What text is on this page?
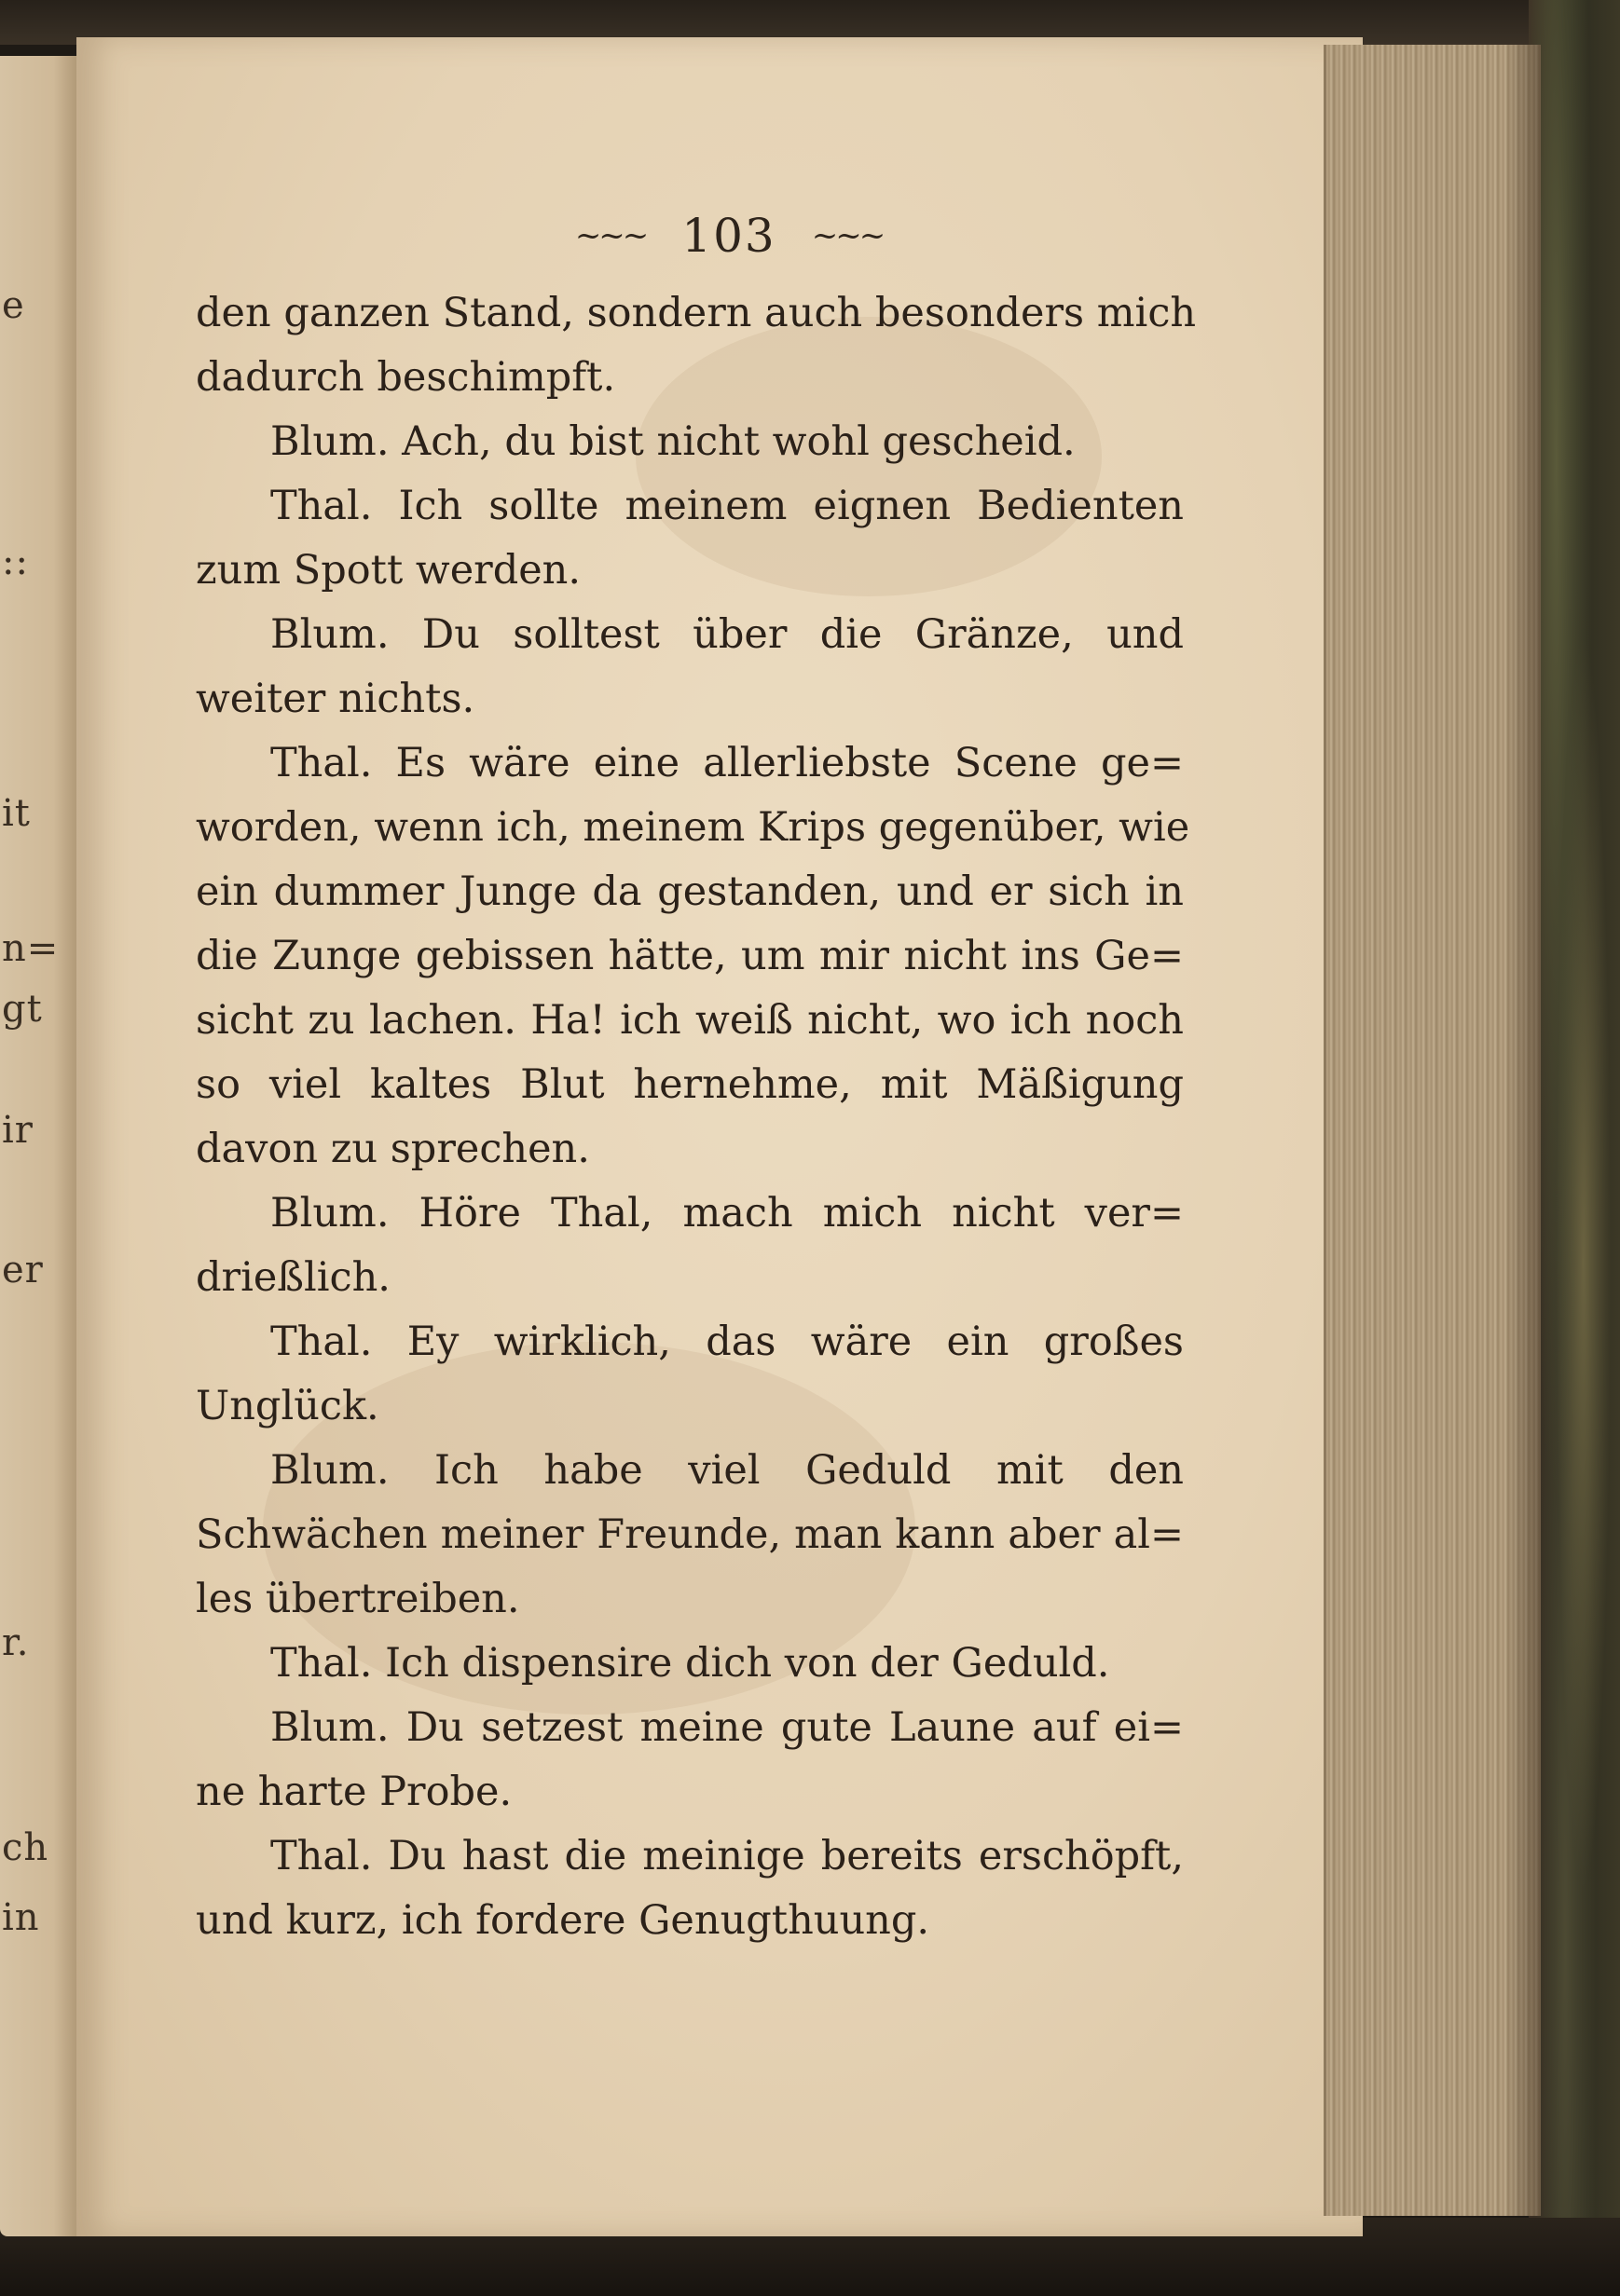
e
::
it
n=
gt
ir
er
r.
ch
in
~~~ 103 ~~~
den ganzen Stand, sondern auch besonders mich
dadurch beschimpft.
Blum. Ach, du bist nicht wohl gescheid.
Thal. Ich sollte meinem eignen Bedienten
zum Spott werden.
Blum. Du solltest über die Gränze, und
weiter nichts.
Thal. Es wäre eine allerliebste Scene ge=
worden, wenn ich, meinem Krips gegenüber, wie
ein dummer Junge da gestanden, und er sich in
die Zunge gebissen hätte, um mir nicht ins Ge=
sicht zu lachen. Ha! ich weiß nicht, wo ich noch
so viel kaltes Blut hernehme, mit Mäßigung
davon zu sprechen.
Blum. Höre Thal, mach mich nicht ver=
drießlich.
Thal. Ey wirklich, das wäre ein großes
Unglück.
Blum. Ich habe viel Geduld mit den
Schwächen meiner Freunde, man kann aber al=
les übertreiben.
Thal. Ich dispensire dich von der Geduld.
Blum. Du setzest meine gute Laune auf ei=
ne harte Probe.
Thal. Du hast die meinige bereits erschöpft,
und kurz, ich fordere Genugthuung.
